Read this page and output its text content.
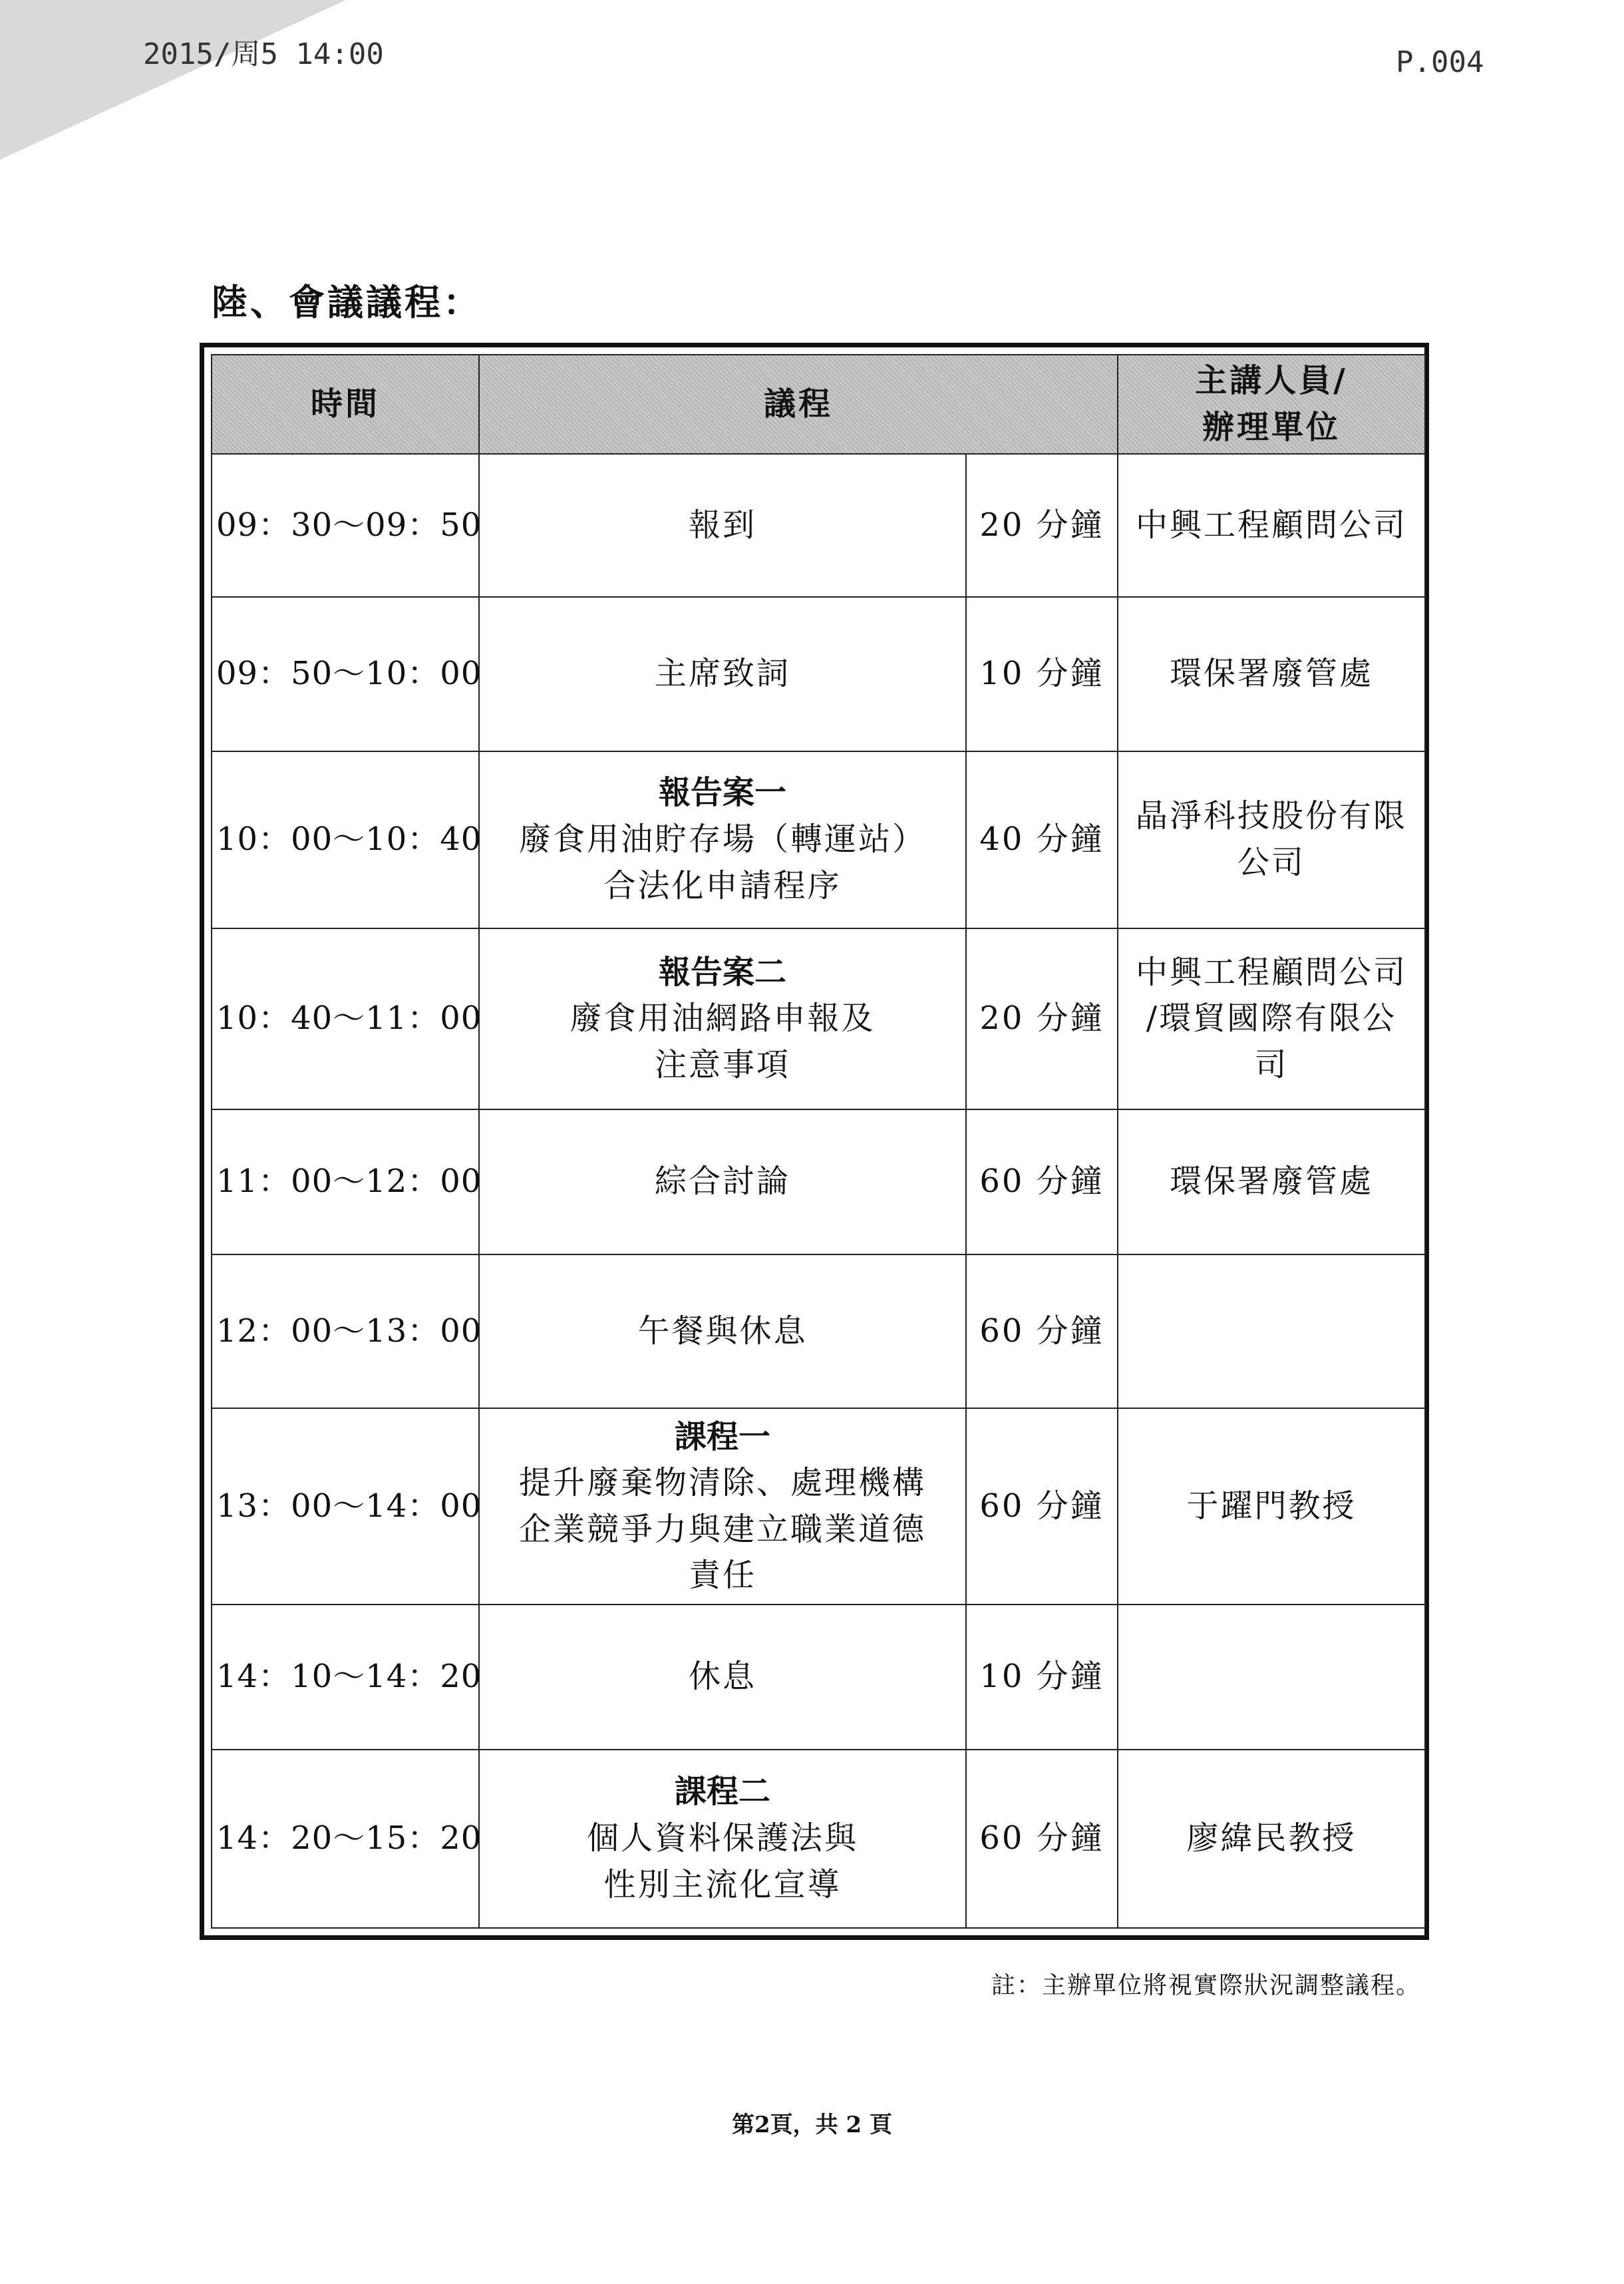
2015/周5 14:00	P.004
陸、會議議程：
時間	議程		主講人員/
辦理單位
09：30～09：50	報到	20 分鐘	中興工程顧問公司
09：50～10：00	主席致詞	10 分鐘	環保署廢管處
10：00～10：40	報告案一
廢食用油貯存場（轉運站）
合法化申請程序	40 分鐘	晶淨科技股份有限
公司
10：40～11：00	報告案二
廢食用油網路申報及
注意事項	20 分鐘	中興工程顧問公司
/環貿國際有限公
司
11：00～12：00	綜合討論	60 分鐘	環保署廢管處
12：00～13：00	午餐與休息	60 分鐘	
13：00～14：00	課程一
提升廢棄物清除、處理機構
企業競爭力與建立職業道德
責任	60 分鐘	于躍門教授
14：10～14：20	休息	10 分鐘	
14：20～15：20	課程二
個人資料保護法與
性別主流化宣導	60 分鐘	廖緯民教授
註：主辦單位將視實際狀況調整議程。
第2頁，共 2 頁
